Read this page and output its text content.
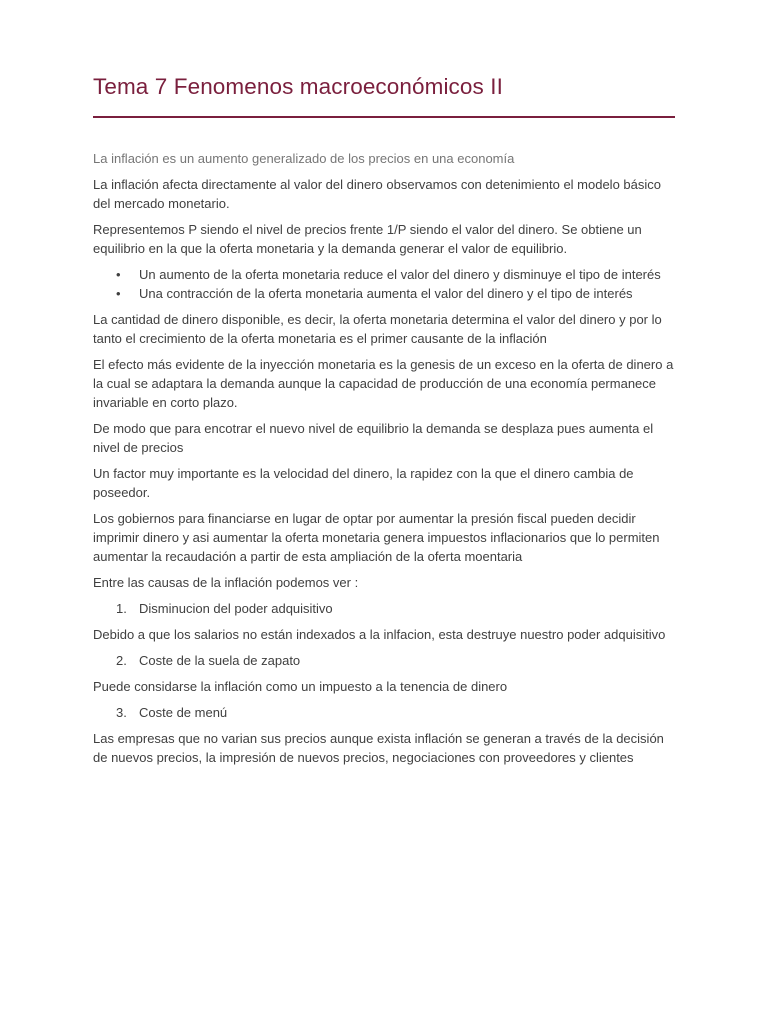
Tema 7 Fenomenos macroeconómicos II

La inflación es un aumento generalizado de los precios en una economía

La inflación afecta directamente al valor del dinero observamos con detenimiento el modelo básico del mercado monetario.

Representemos P siendo el nivel de precios frente 1/P siendo el valor del dinero. Se obtiene un equilibrio en la que la oferta monetaria y la demanda generar el valor de equilibrio.

• Un aumento de la oferta monetaria reduce el valor del dinero y disminuye el tipo de interés
• Una contracción de la oferta monetaria aumenta el valor del dinero y el tipo de interés

La cantidad de dinero disponible, es decir, la oferta monetaria determina el valor del dinero y por lo tanto el crecimiento de la oferta monetaria es el primer causante de la inflación

El efecto más evidente de la inyección monetaria es la genesis de un exceso en la oferta de dinero a la cual se adaptara la demanda aunque la capacidad de producción de una economía permanece invariable en corto plazo.

De modo que para encotrar el nuevo nivel de equilibrio la demanda se desplaza pues aumenta el nivel de precios

Un factor muy importante es la velocidad del dinero, la rapidez con la que el dinero cambia de poseedor.

Los gobiernos para financiarse en lugar de optar por aumentar la presión fiscal pueden decidir imprimir dinero y asi aumentar la oferta monetaria genera impuestos inflacionarios que lo permiten aumentar la recaudación a partir de esta ampliación de la oferta moentaria

Entre las causas de la inflación podemos ver :

1. Disminucion del poder adquisitivo

Debido a que los salarios no están indexados a la inlfacion, esta destruye nuestro poder adquisitivo

2. Coste de la suela de zapato

Puede considarse la inflación como un impuesto a la tenencia de dinero

3. Coste de menú

Las empresas que no varian sus precios aunque exista inflación se generan a través de la decisión de nuevos precios, la impresión de nuevos precios, negociaciones con proveedores y clientes
